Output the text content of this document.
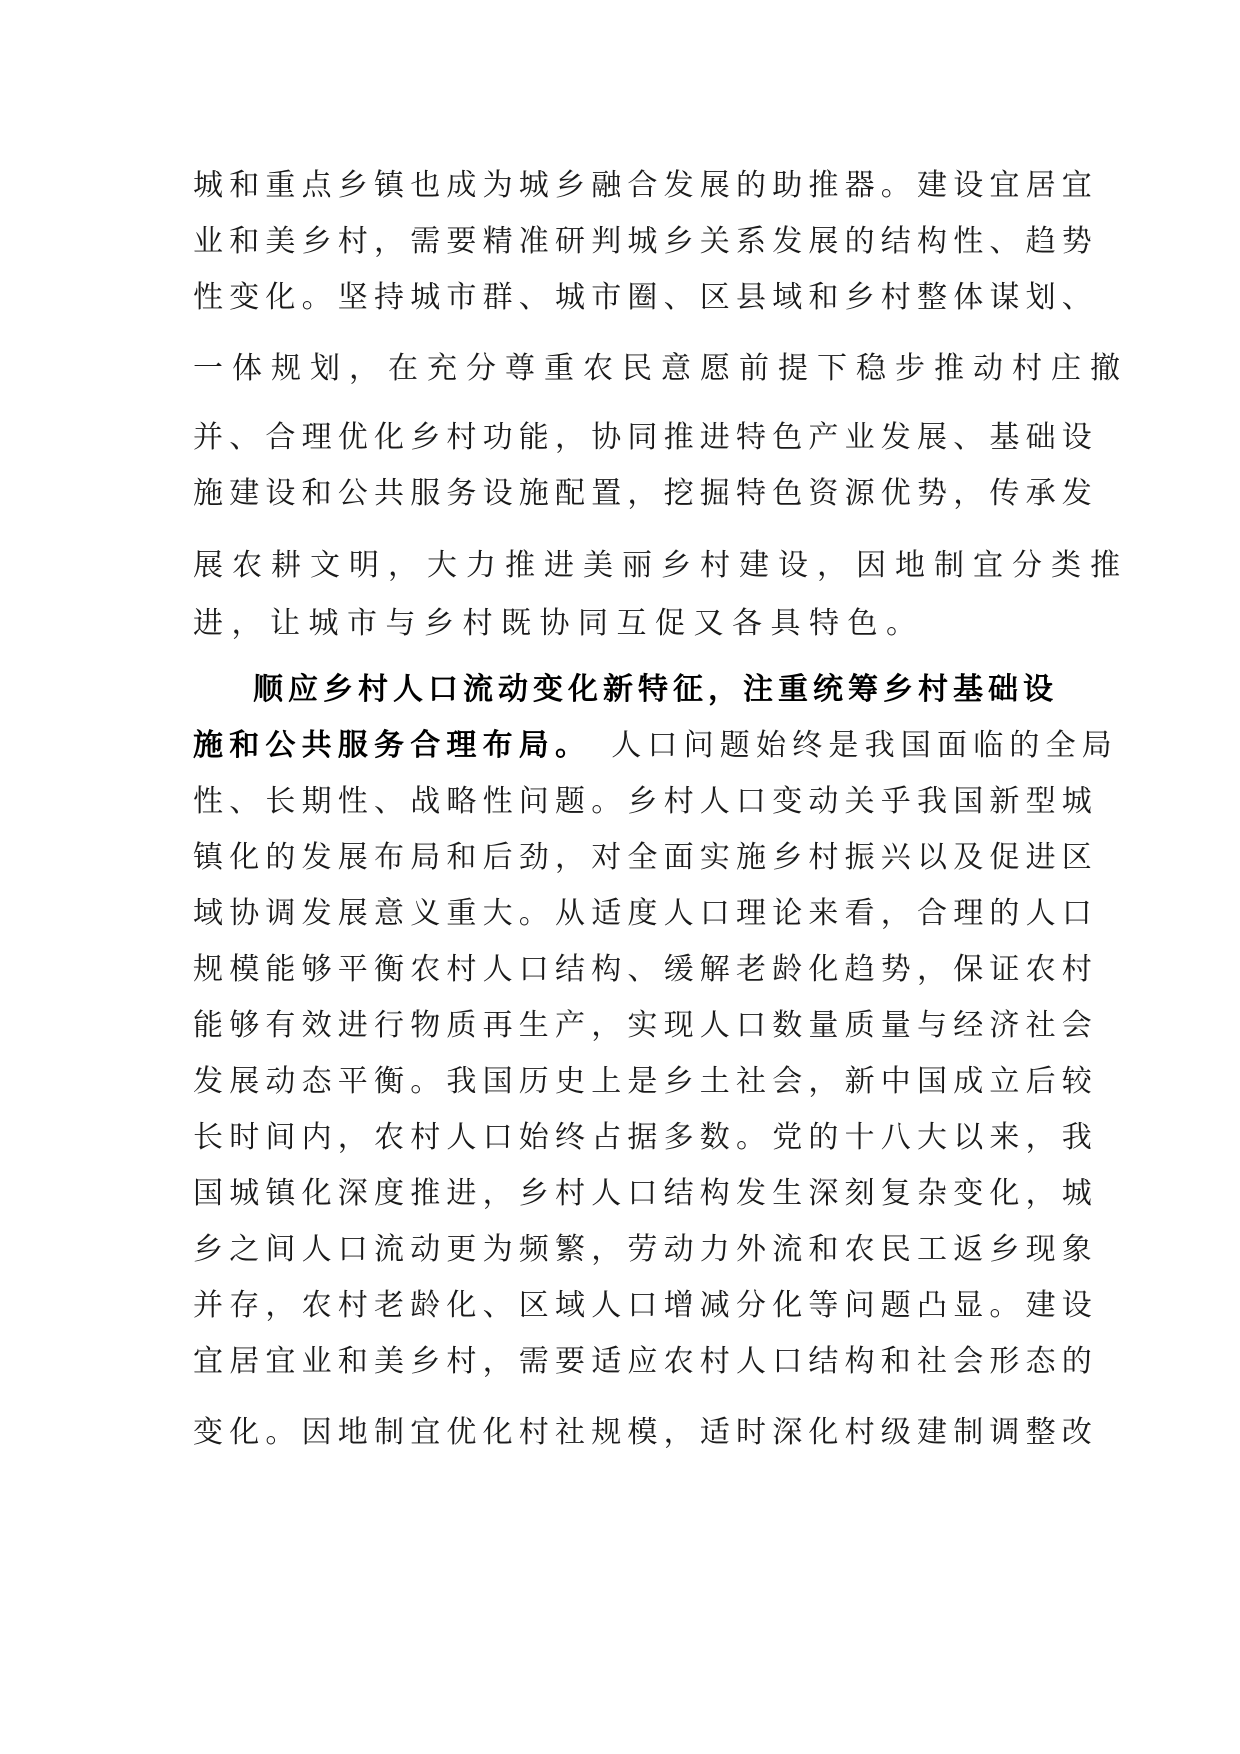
城和重点乡镇也成为城乡融合发展的助推器。建设宜居宜
业和美乡村，需要精准研判城乡关系发展的结构性、趋势
性变化。坚持城市群、城市圈、区县域和乡村整体谋划、
一体规划，在充分尊重农民意愿前提下稳步推动村庄撤
并、合理优化乡村功能，协同推进特色产业发展、基础设
施建设和公共服务设施配置，挖掘特色资源优势，传承发
展农耕文明，大力推进美丽乡村建设，因地制宜分类推
进，让城市与乡村既协同互促又各具特色。
顺应乡村人口流动变化新特征，注重统筹乡村基础设
施和公共服务合理布局。 人口问题始终是我国面临的全局
性、长期性、战略性问题。乡村人口变动关乎我国新型城
镇化的发展布局和后劲，对全面实施乡村振兴以及促进区
域协调发展意义重大。从适度人口理论来看，合理的人口
规模能够平衡农村人口结构、缓解老龄化趋势，保证农村
能够有效进行物质再生产，实现人口数量质量与经济社会
发展动态平衡。我国历史上是乡土社会，新中国成立后较
长时间内，农村人口始终占据多数。党的十八大以来，我
国城镇化深度推进，乡村人口结构发生深刻复杂变化，城
乡之间人口流动更为频繁，劳动力外流和农民工返乡现象
并存，农村老龄化、区域人口增减分化等问题凸显。建设
宜居宜业和美乡村，需要适应农村人口结构和社会形态的
变化。因地制宜优化村社规模，适时深化村级建制调整改
